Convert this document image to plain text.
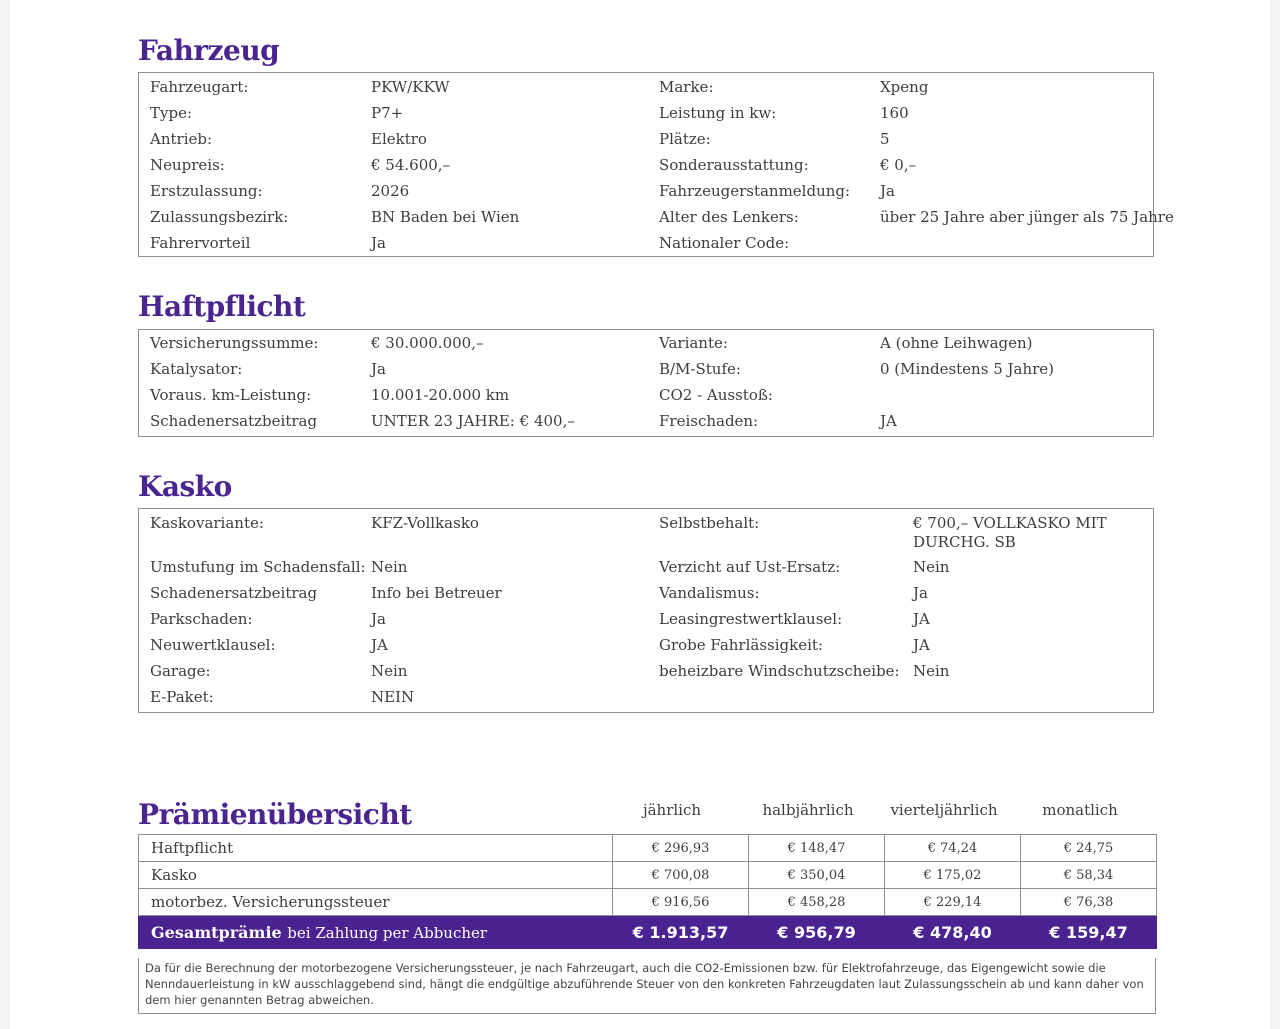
Fahrzeug
Fahrzeugart:	PKW/KKW	Marke:	Xpeng
Type:	P7+	Leistung in kw:	160
Antrieb:	Elektro	Plätze:	5
Neupreis:	€ 54.600,–	Sonderausstattung:	€ 0,–
Erstzulassung:	2026	Fahrzeugerstanmeldung: Ja
Zulassungsbezirk:	BN Baden bei Wien	Alter des Lenkers:	über 25 Jahre aber jünger als 75 Jahre
Fahrervorteil	Ja	Nationaler Code:
Haftpflicht
Versicherungssumme:	€ 30.000.000,–	Variante:	A (ohne Leihwagen)
Katalysator:	Ja	B/M-Stufe:	0 (Mindestens 5 Jahre)
Voraus. km-Leistung:	10.001-20.000 km	CO2 - Ausstoß:
Schadenersatzbeitrag	UNTER 23 JAHRE: € 400,–	Freischaden:	JA
Kasko
Kaskovariante:	KFZ-Vollkasko	Selbstbehalt:	€ 700,– VOLLKASKO MIT DURCHG. SB
Umstufung im Schadensfall: Nein	Verzicht auf Ust-Ersatz:	Nein
Schadenersatzbeitrag	Info bei Betreuer	Vandalismus:	Ja
Parkschaden:	Ja	Leasingrestwertklausel:	JA
Neuwertklausel:	JA	Grobe Fahrlässigkeit:	JA
Garage:	Nein	beheizbare Windschutzscheibe: Nein
E-Paket:	NEIN
Prämienübersicht	jährlich	halbjährlich	vierteljährlich	monatlich
Haftpflicht	€ 296,93	€ 148,47	€ 74,24	€ 24,75
Kasko	€ 700,08	€ 350,04	€ 175,02	€ 58,34
motorbez. Versicherungssteuer	€ 916,56	€ 458,28	€ 229,14	€ 76,38
Gesamtprämie bei Zahlung per Abbucher	€ 1.913,57	€ 956,79	€ 478,40	€ 159,47
Da für die Berechnung der motorbezogene Versicherungssteuer, je nach Fahrzeugart, auch die CO2-Emissionen bzw. für Elektrofahrzeuge, das Eigengewicht sowie die Nenndauerleistung in kW ausschlaggebend sind, hängt die endgültige abzuführende Steuer von den konkreten Fahrzeugdaten laut Zulassungsschein ab und kann daher von dem hier genannten Betrag abweichen.
